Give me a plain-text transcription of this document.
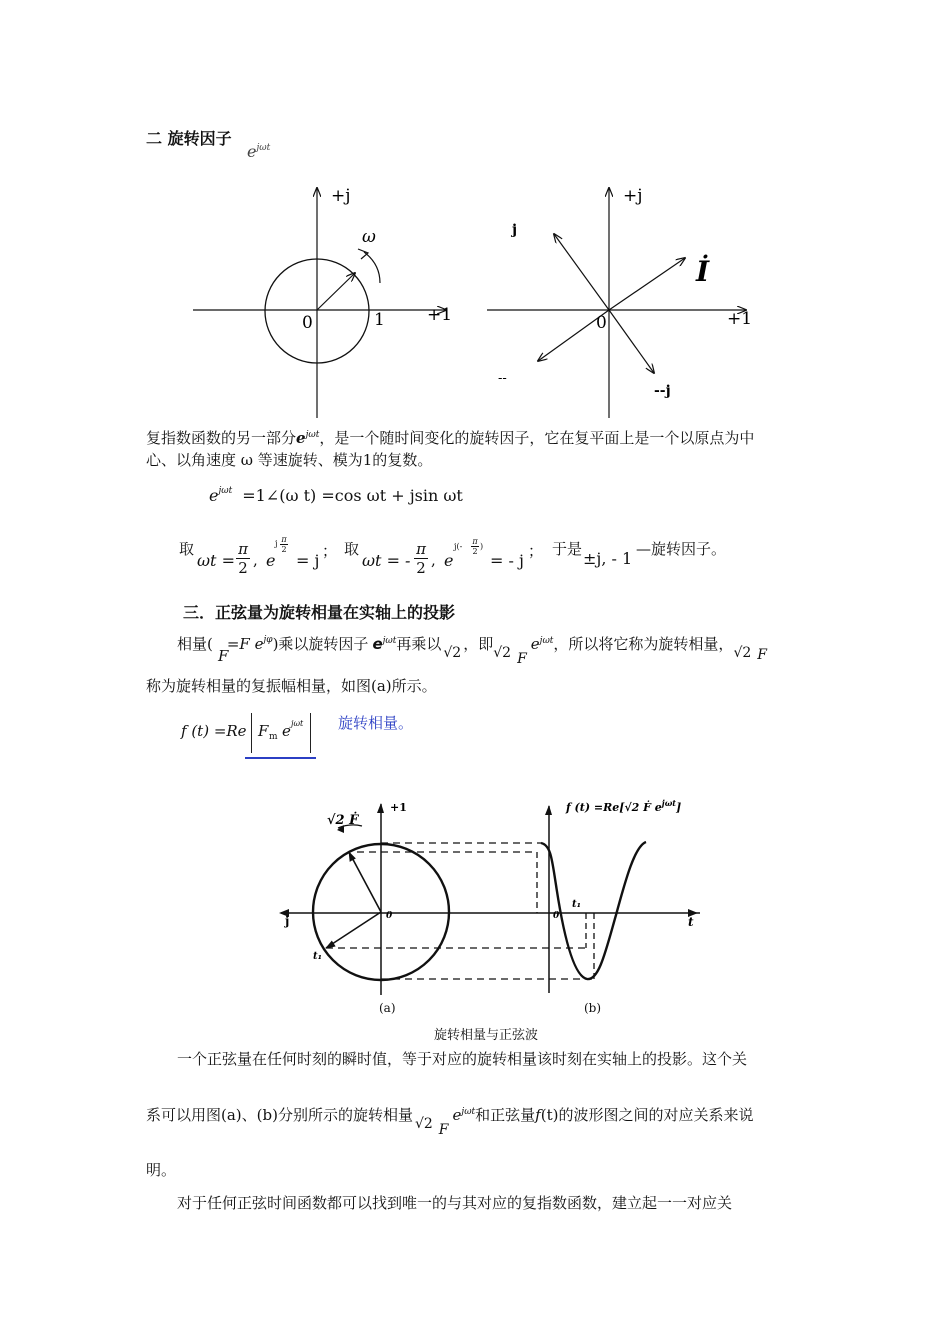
二 旋转因子
$e^{j\omega t}$
+j
ω
+1
0	1
+j
j
İ
+1
0
--
--j
复指数函数的另一部分$e^{j\omega t}$，是一个随时间变化的旋转因子，它在复平面上是一个以原点为中
心、以角速度 ω 等速旋转、模为1的复数。
$e^{j\omega t}$ =1∠(ω t) =cos ωt + jsin ωt
取
$\omega t = \frac{\pi}{2}$ , e
j $\frac{\pi}{2}$
= j ； 取
ωt = - $\frac{\pi}{2}$ , e
$j(- \frac{\pi}{2}$ )
= - j ； 于是 ±j, - 1 —旋转因子。
三．正弦量为旋转相量在实轴上的投影
相量( =F $e^{j\varphi}$)乘以旋转因子 $e^{j\omega t}$再乘以 √2 ，即√2 $Fe^{j\omega t}$，所以将它称为旋转相量，√2 F
F
称为旋转相量的复振幅相量，如图(a)所示。
f (t) =Re F m e jωt 旋转相量。
√2 Ḟ
+1
j	0
t₁
0
t₁
t
f (t) =Re[√2 Ḟ $e^{j\omega t}$]
(a)	(b)
旋转相量与正弦波
一个正弦量在任何时刻的瞬时值，等于对应的旋转相量该时刻在实轴上的投影。这个关
系可以用图(a)、(b)分别所示的旋转相量 √2 $Fe^{j\omega t}$和正弦量f(t)的波形图之间的对应关系来说
明。
对于任何正弦时间函数都可以找到唯一的与其对应的复指数函数，建立起一一对应关
